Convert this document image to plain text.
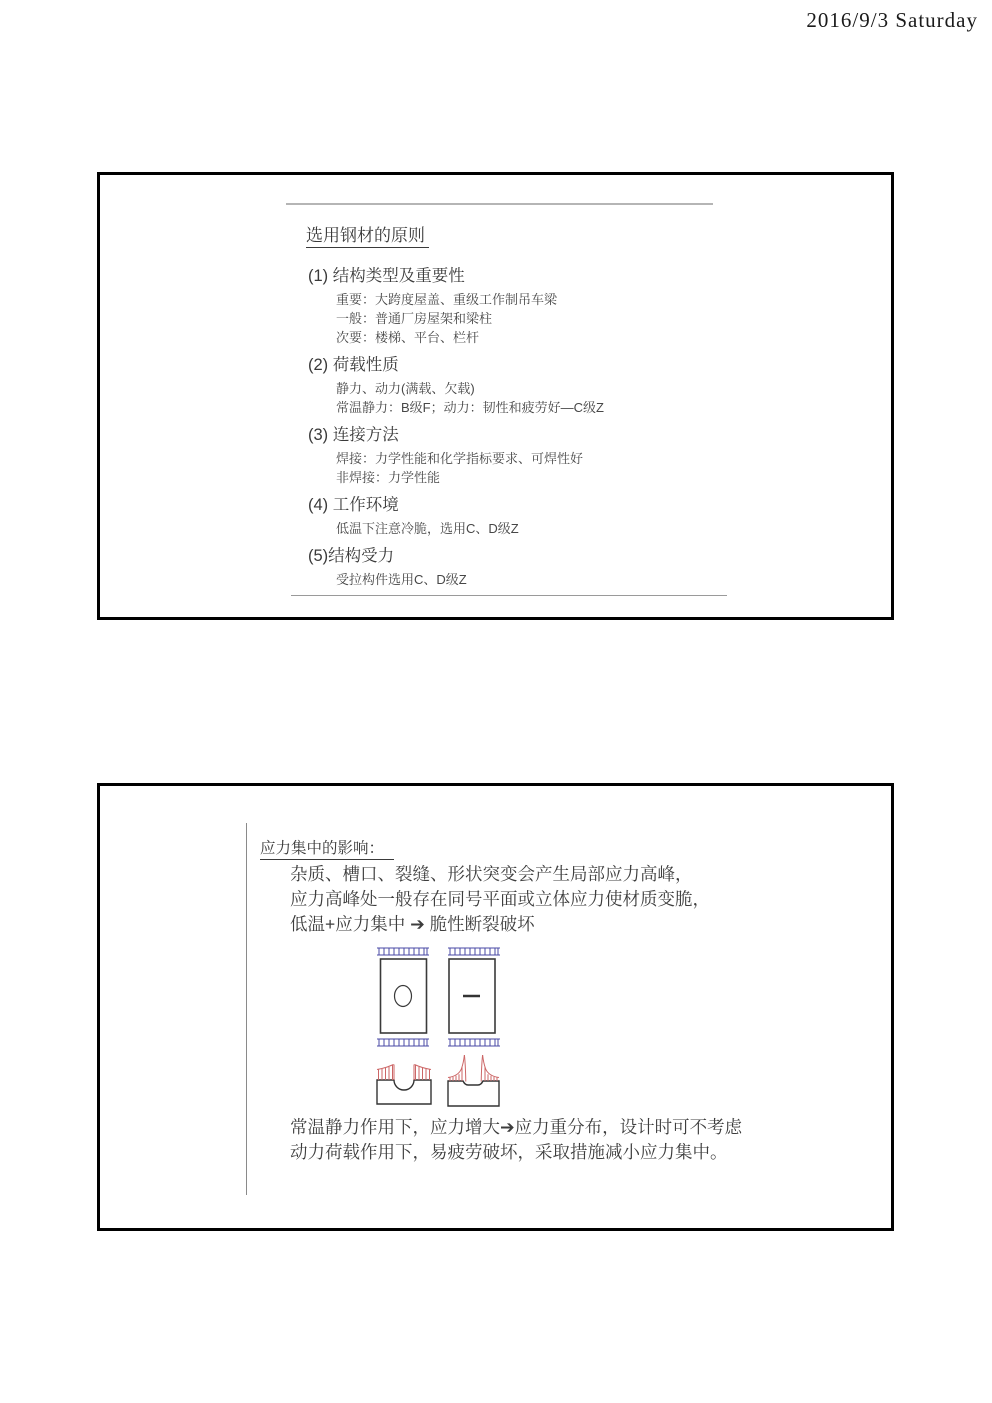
2016/9/3 Saturday
选用钢材的原则
(1) 结构类型及重要性
重要：大跨度屋盖、重级工作制吊车梁
一般：普通厂房屋架和梁柱
次要：楼梯、平台、栏杆
(2) 荷载性质
静力、动力(满载、欠载)
常温静力：B级F；动力：韧性和疲劳好—C级Z
(3) 连接方法
焊接：力学性能和化学指标要求、可焊性好
非焊接：力学性能
(4) 工作环境
低温下注意冷脆，选用C、D级Z
(5)结构受力
受拉构件选用C、D级Z
应力集中的影响：
杂质、槽口、裂缝、形状突变会产生局部应力高峰，
应力高峰处一般存在同号平面或立体应力使材质变脆，
低温+应力集中 ➔ 脆性断裂破坏
常温静力作用下，应力增大➔应力重分布，设计时可不考虑
动力荷载作用下，易疲劳破坏，采取措施减小应力集中。
